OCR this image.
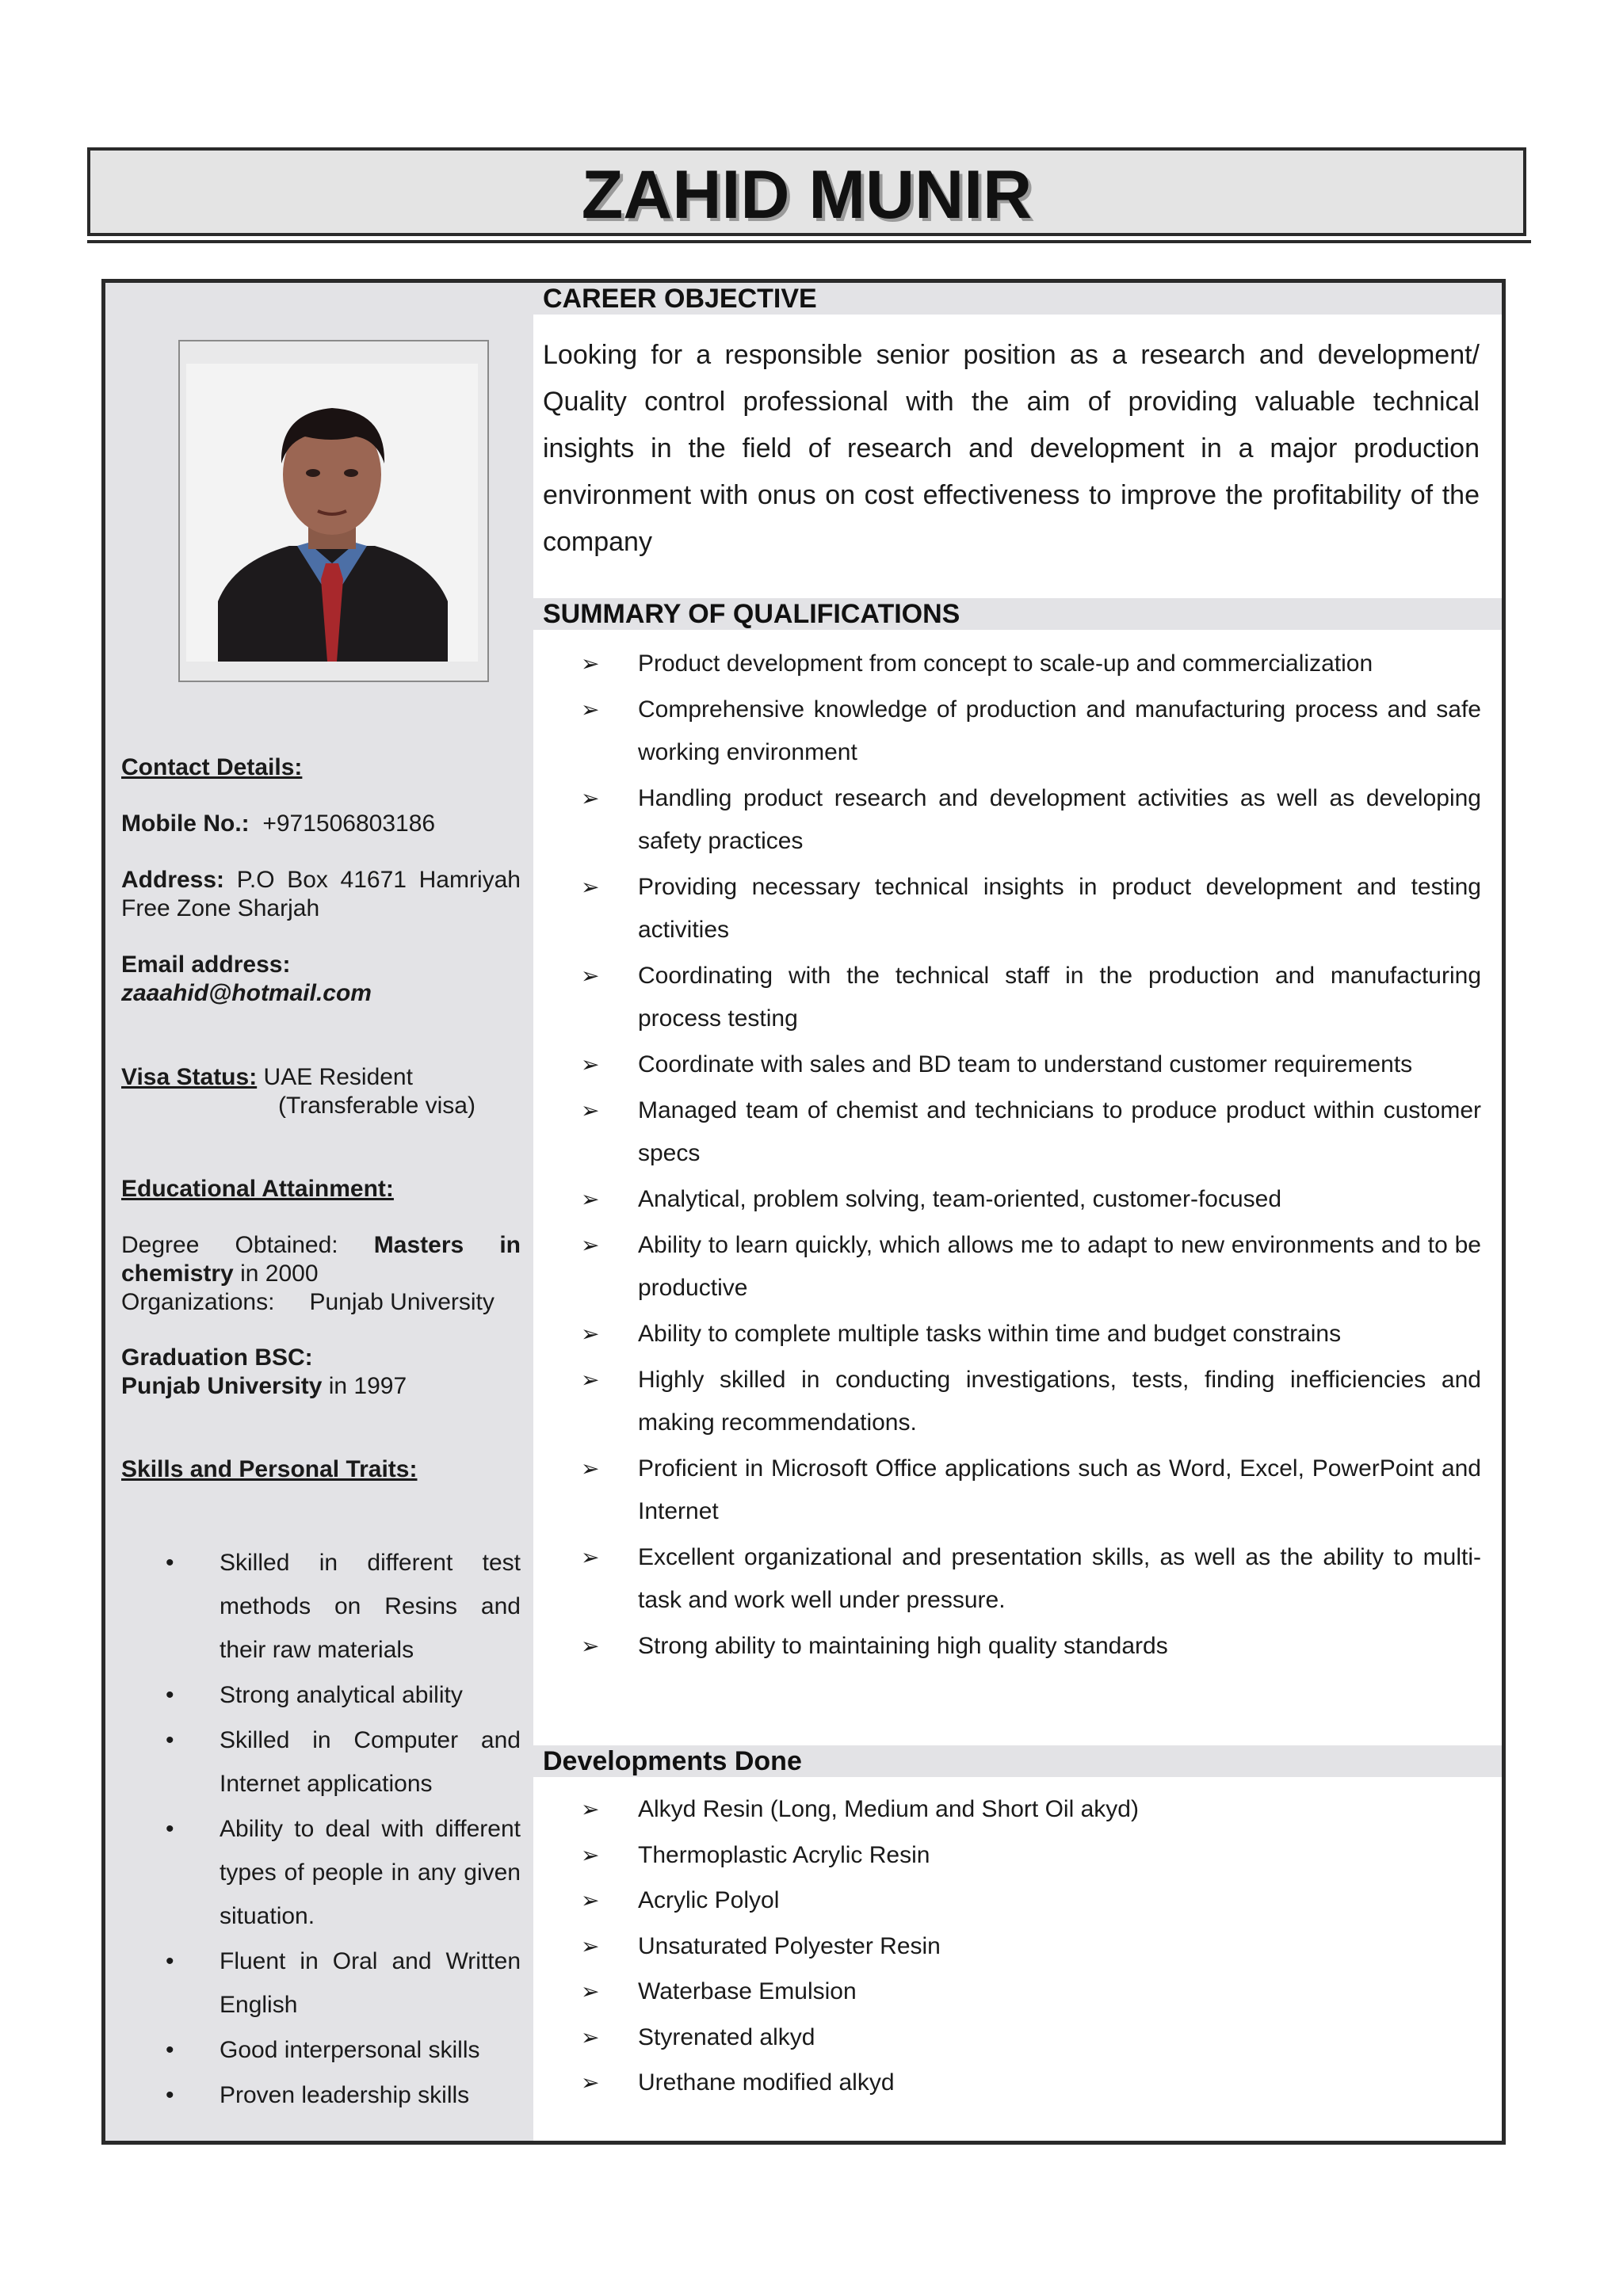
ZAHID MUNIR
Contact Details:
Mobile No.: +971506803186
Address: P.O Box 41671 Hamriyah
Free Zone Sharjah
Email address:
zaaahid@hotmail.com
Visa Status: UAE Resident
(Transferable visa)
Educational Attainment:
Degree Obtained: Masters in
chemistry in 2000
Organizations: Punjab University
Graduation BSC:
Punjab University in 1997
Skills and Personal Traits:
• Skilled in different test methods on Resins and their raw materials
• Strong analytical ability
• Skilled in Computer and Internet applications
• Ability to deal with different types of people in any given situation.
• Fluent in Oral and Written English
• Good interpersonal skills
• Proven leadership skills
CAREER OBJECTIVE
Looking for a responsible senior position as a research and development/ Quality control professional with the aim of providing valuable technical insights in the field of research and development in a major production environment with onus on cost effectiveness to improve the profitability of the company
SUMMARY OF QUALIFICATIONS
➢ Product development from concept to scale-up and commercialization
➢ Comprehensive knowledge of production and manufacturing process and safe working environment
➢ Handling product research and development activities as well as developing safety practices
➢ Providing necessary technical insights in product development and testing activities
➢ Coordinating with the technical staff in the production and manufacturing process testing
➢ Coordinate with sales and BD team to understand customer requirements
➢ Managed team of chemist and technicians to produce product within customer specs
➢ Analytical, problem solving, team-oriented, customer-focused
➢ Ability to learn quickly, which allows me to adapt to new environments and to be productive
➢ Ability to complete multiple tasks within time and budget constrains
➢ Highly skilled in conducting investigations, tests, finding inefficiencies and making recommendations.
➢ Proficient in Microsoft Office applications such as Word, Excel, PowerPoint and Internet
➢ Excellent organizational and presentation skills, as well as the ability to multi-task and work well under pressure.
➢ Strong ability to maintaining high quality standards
Developments Done
➢ Alkyd Resin (Long, Medium and Short Oil akyd)
➢ Thermoplastic Acrylic Resin
➢ Acrylic Polyol
➢ Unsaturated Polyester Resin
➢ Waterbase Emulsion
➢ Styrenated alkyd
➢ Urethane modified alkyd
